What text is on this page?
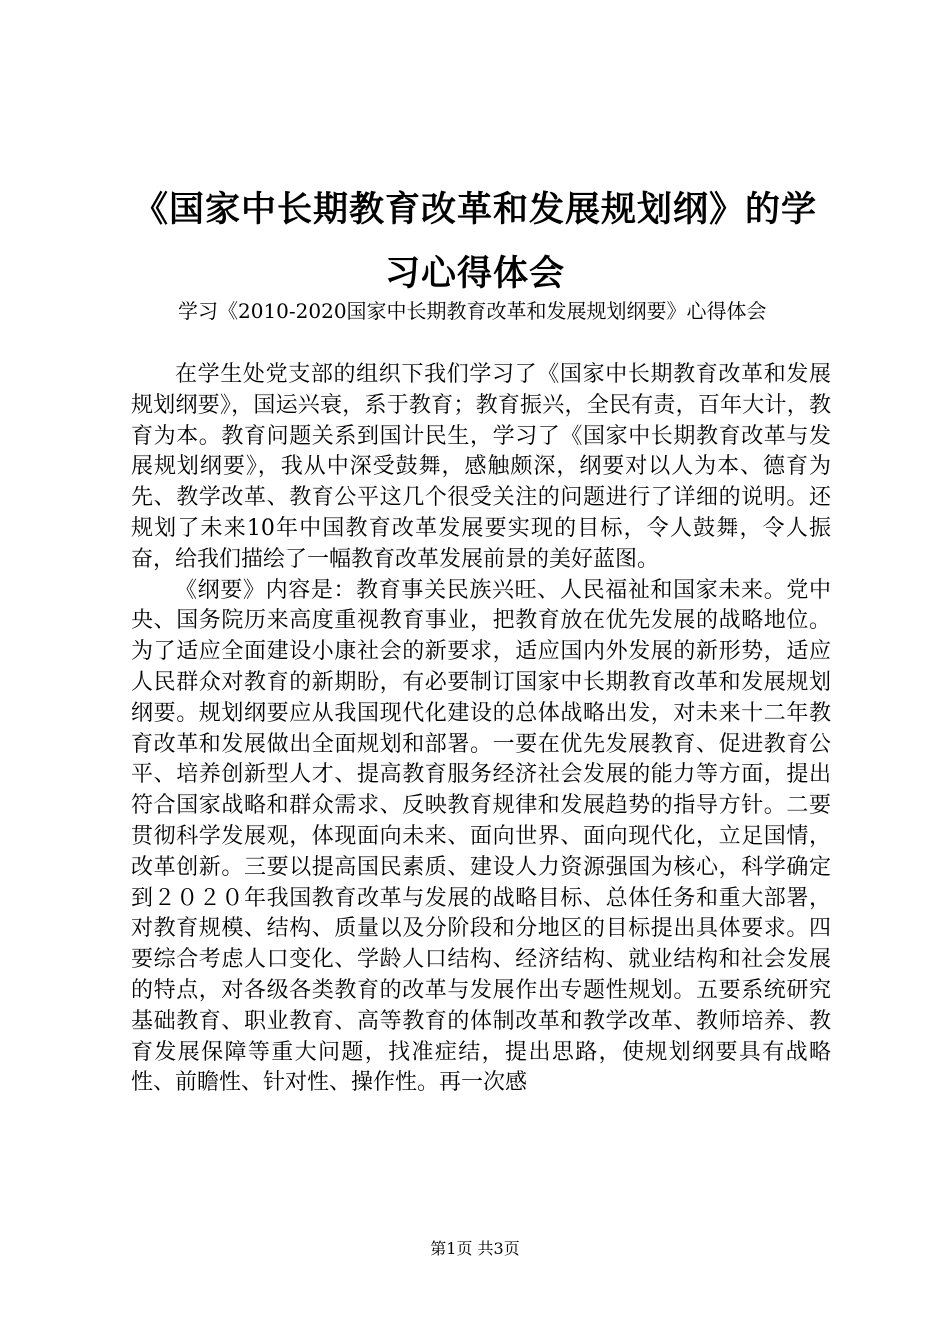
《国家中长期教育改革和发展规划纲》的学习心得体会
学习《2010-2020国家中长期教育改革和发展规划纲要》心得体会

在学生处党支部的组织下我们学习了《国家中长期教育改革和发展规划纲要》，国运兴衰，系于教育；教育振兴，全民有责，百年大计，教育为本。教育问题关系到国计民生，学习了《国家中长期教育改革与发展规划纲要》，我从中深受鼓舞，感触颇深，纲要对以人为本、德育为先、教学改革、教育公平这几个很受关注的问题进行了详细的说明。还规划了未来10年中国教育改革发展要实现的目标，令人鼓舞，令人振奋，给我们描绘了一幅教育改革发展前景的美好蓝图。

《纲要》内容是：教育事关民族兴旺、人民福祉和国家未来。党中央、国务院历来高度重视教育事业，把教育放在优先发展的战略地位。为了适应全面建设小康社会的新要求，适应国内外发展的新形势，适应人民群众对教育的新期盼，有必要制订国家中长期教育改革和发展规划纲要。规划纲要应从我国现代化建设的总体战略出发，对未来十二年教育改革和发展做出全面规划和部署。一要在优先发展教育、促进教育公平、培养创新型人才、提高教育服务经济社会发展的能力等方面，提出符合国家战略和群众需求、反映教育规律和发展趋势的指导方针。二要贯彻科学发展观，体现面向未来、面向世界、面向现代化，立足国情，改革创新。三要以提高国民素质、建设人力资源强国为核心，科学确定到２０２０年我国教育改革与发展的战略目标、总体任务和重大部署，对教育规模、结构、质量以及分阶段和分地区的目标提出具体要求。四要综合考虑人口变化、学龄人口结构、经济结构、就业结构和社会发展的特点，对各级各类教育的改革与发展作出专题性规划。五要系统研究基础教育、职业教育、高等教育的体制改革和教学改革、教师培养、教育发展保障等重大问题，找准症结，提出思路，使规划纲要具有战略性、前瞻性、针对性、操作性。再一次感

第1页 共3页
